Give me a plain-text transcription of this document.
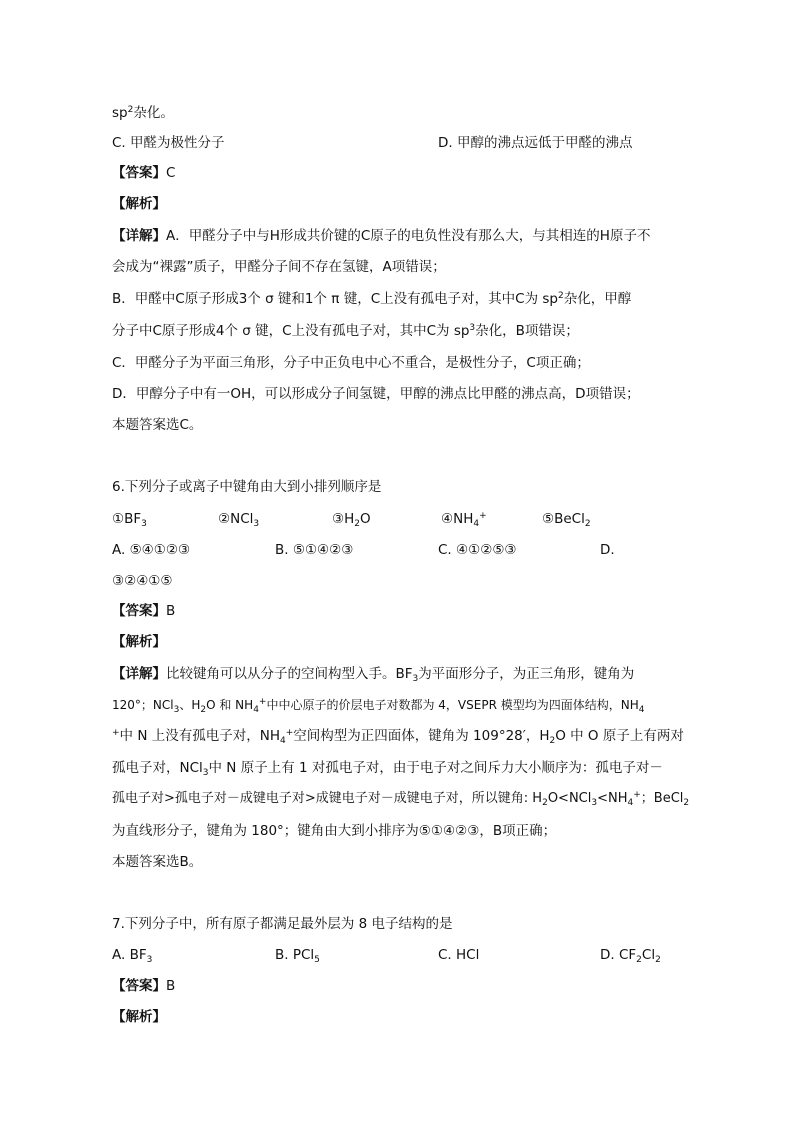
$sp^2$杂化。
C. 甲醛为极性分子	D. 甲醇的沸点远低于甲醛的沸点
【答案】C
【解析】
【详解】A．甲醛分子中与H形成共价键的C原子的电负性没有那么大，与其相连的H原子不
会成为“裸露”质子，甲醛分子间不存在氢键，A项错误；
B．甲醛中C原子形成3个 σ 键和1个 π 键，C上没有孤电子对，其中C为 $sp^2$杂化，甲醇
分子中C原子形成4个 σ 键，C上没有孤电子对，其中C为 $sp^3$杂化，B项错误；
C．甲醛分子为平面三角形，分子中正负电中心不重合，是极性分子，C项正确；
D．甲醇分子中有一OH，可以形成分子间氢键，甲醇的沸点比甲醛的沸点高，D项错误；
本题答案选C。
6.下列分子或离子中键角由大到小排列顺序是
$①BF_3$	②NCl$_3$	$③H_2O$	$④NH_4^+$	⑤BeCl$_2$
A. ⑤④①②③	B. ⑤①④②③	C. ④①②⑤③	D.
③②④①⑤
【答案】B
【解析】
【详解】比较键角可以从分子的空间构型入手。$BF_3$为平面形分子，为正三角形，键角为
120°；NCl$_3$、$H_2O$ 和 $NH_4^+$中中心原子的价层电子对数都为 4，VSEPR 模型均为四面体结构，$NH_4$
+中 N 上没有孤电子对，$NH_4^+$空间构型为正四面体，键角为 109°28′，$H_2O$ 中 O 原子上有两对
孤电子对，NCl$_3$中 N 原子上有 1 对孤电子对，由于电子对之间斥力大小顺序为：孤电子对－
孤电子对>孤电子对－成键电子对>成键电子对－成键电子对，所以键角: $H_2O<NCl_3<NH_4^+$；BeCl$_2$
为直线形分子，键角为 180°；键角由大到小排序为⑤①④②③，B项正确；
本题答案选B。
7.下列分子中，所有原子都满足最外层为 8 电子结构的是
A. $BF_3$	B. PCl$_5$	C. HCl	D. $CF_2Cl_2$
【答案】B
【解析】
